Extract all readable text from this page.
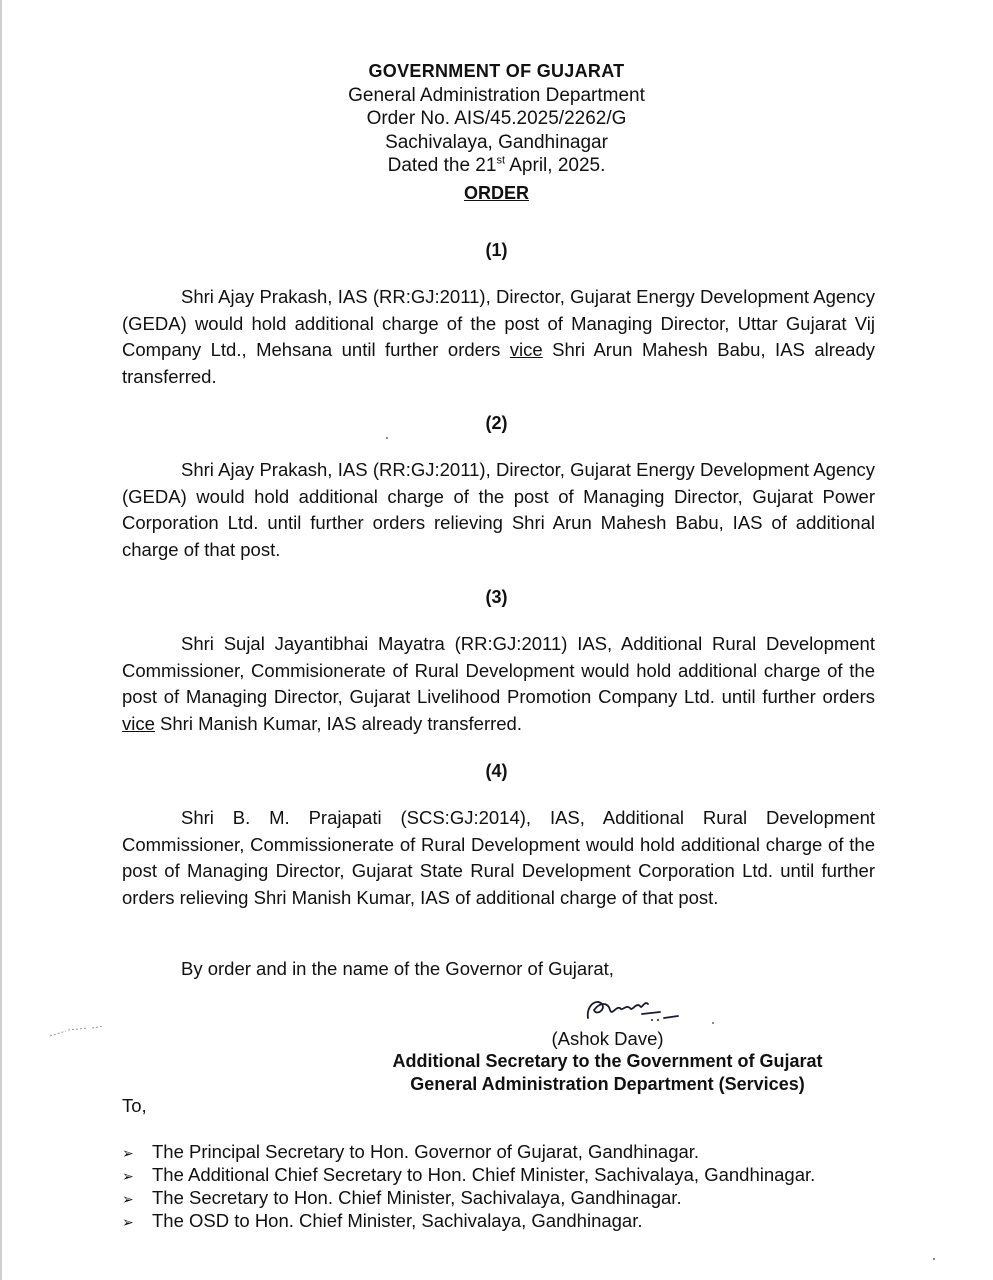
GOVERNMENT OF GUJARAT
General Administration Department
Order No. AIS/45.2025/2262/G
Sachivalaya, Gandhinagar
Dated the 21st April, 2025.
ORDER
(1)
Shri Ajay Prakash, IAS (RR:GJ:2011), Director, Gujarat Energy Development Agency (GEDA) would hold additional charge of the post of Managing Director, Uttar Gujarat Vij Company Ltd., Mehsana until further orders vice Shri Arun Mahesh Babu, IAS already transferred.
(2)
Shri Ajay Prakash, IAS (RR:GJ:2011), Director, Gujarat Energy Development Agency (GEDA) would hold additional charge of the post of Managing Director, Gujarat Power Corporation Ltd. until further orders relieving Shri Arun Mahesh Babu, IAS of additional charge of that post.
(3)
Shri Sujal Jayantibhai Mayatra (RR:GJ:2011) IAS, Additional Rural Development Commissioner, Commisionerate of Rural Development would hold additional charge of the post of Managing Director, Gujarat Livelihood Promotion Company Ltd. until further orders vice Shri Manish Kumar, IAS already transferred.
(4)
Shri B. M. Prajapati (SCS:GJ:2014), IAS, Additional Rural Development Commissioner, Commissionerate of Rural Development would hold additional charge of the post of Managing Director, Gujarat State Rural Development Corporation Ltd. until further orders relieving Shri Manish Kumar, IAS of additional charge of that post.
By order and in the name of the Governor of Gujarat,
(Ashok Dave)
Additional Secretary to the Government of Gujarat
General Administration Department (Services)
To,
➢ The Principal Secretary to Hon. Governor of Gujarat, Gandhinagar.
➢ The Additional Chief Secretary to Hon. Chief Minister, Sachivalaya, Gandhinagar.
➢ The Secretary to Hon. Chief Minister, Sachivalaya, Gandhinagar.
➢ The OSD to Hon. Chief Minister, Sachivalaya, Gandhinagar.
